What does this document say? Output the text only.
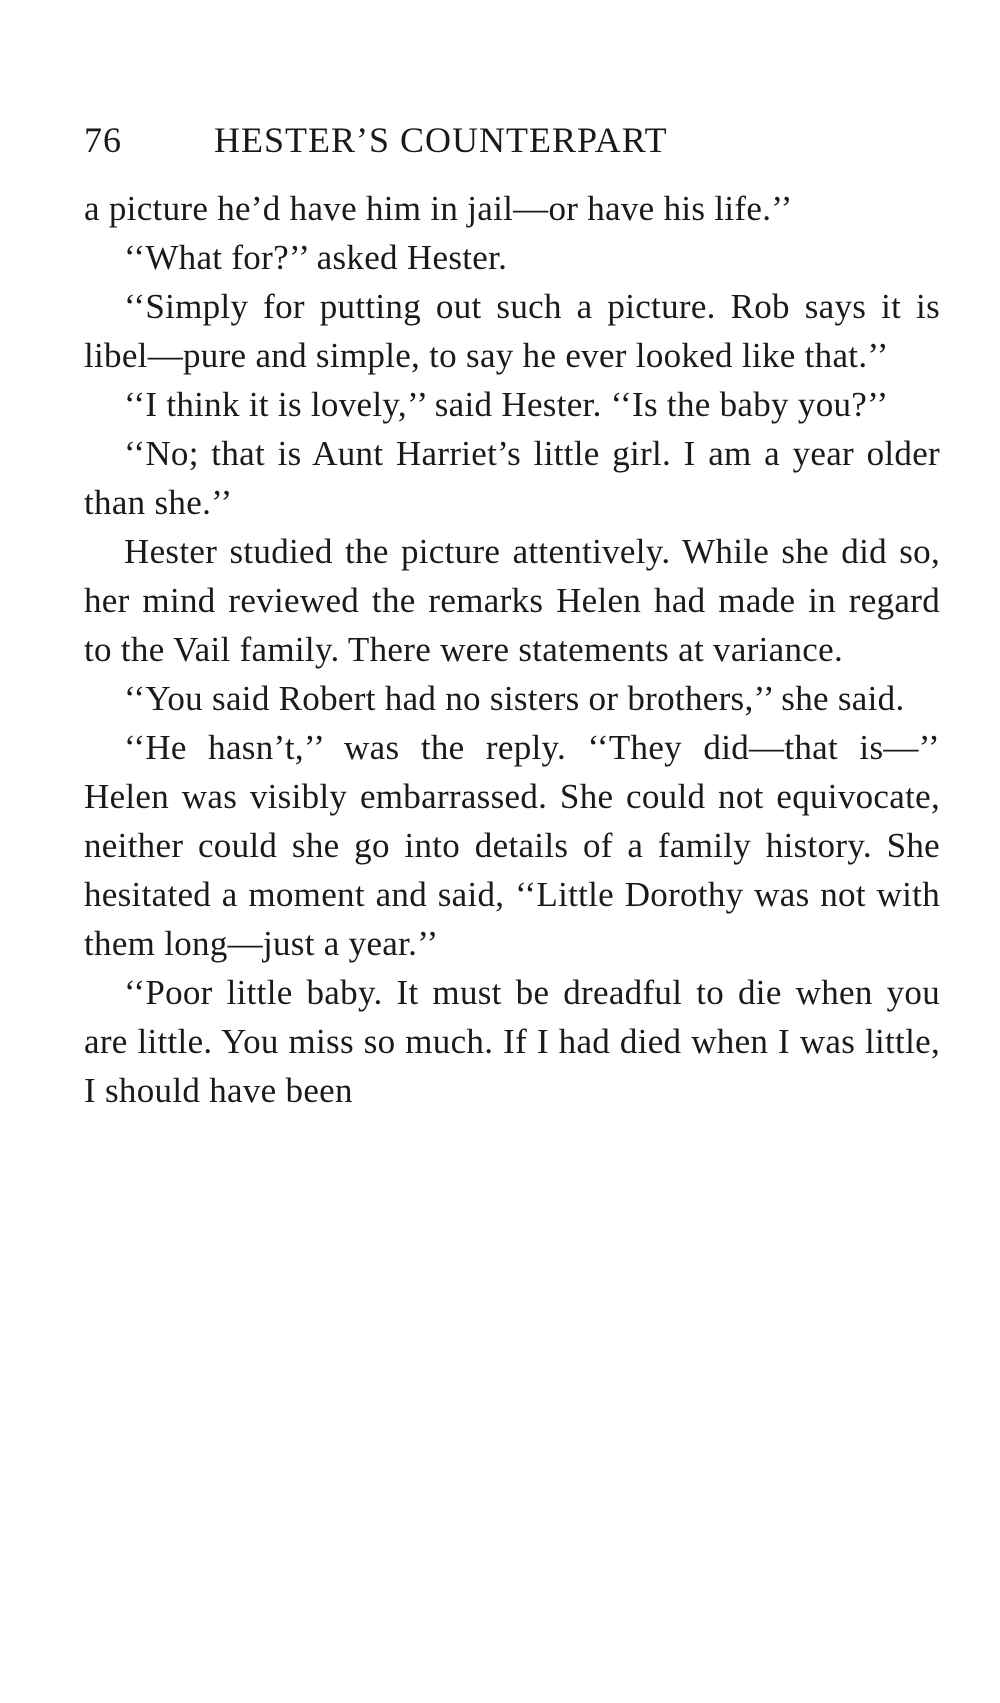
76	HESTER’S COUNTERPART

a picture he’d have him in jail—or have his life.’’

‘‘What for?’’ asked Hester.

‘‘Simply for putting out such a picture. Rob says it is libel—pure and simple, to say he ever looked like that.’’

‘‘I think it is lovely,’’ said Hester. ‘‘Is the baby you?’’

‘‘No; that is Aunt Harriet’s little girl. I am a year older than she.’’

Hester studied the picture attentively. While she did so, her mind reviewed the remarks Helen had made in regard to the Vail family. There were statements at variance.

‘‘You said Robert had no sisters or brothers,’’ she said.

‘‘He hasn’t,’’ was the reply. ‘‘They did—that is—’’ Helen was visibly embarrassed. She could not equivocate, neither could she go into details of a family history. She hesitated a moment and said, ‘‘Little Dorothy was not with them long—just a year.’’

‘‘Poor little baby. It must be dreadful to die when you are little. You miss so much. If I had died when I was little, I should have been
